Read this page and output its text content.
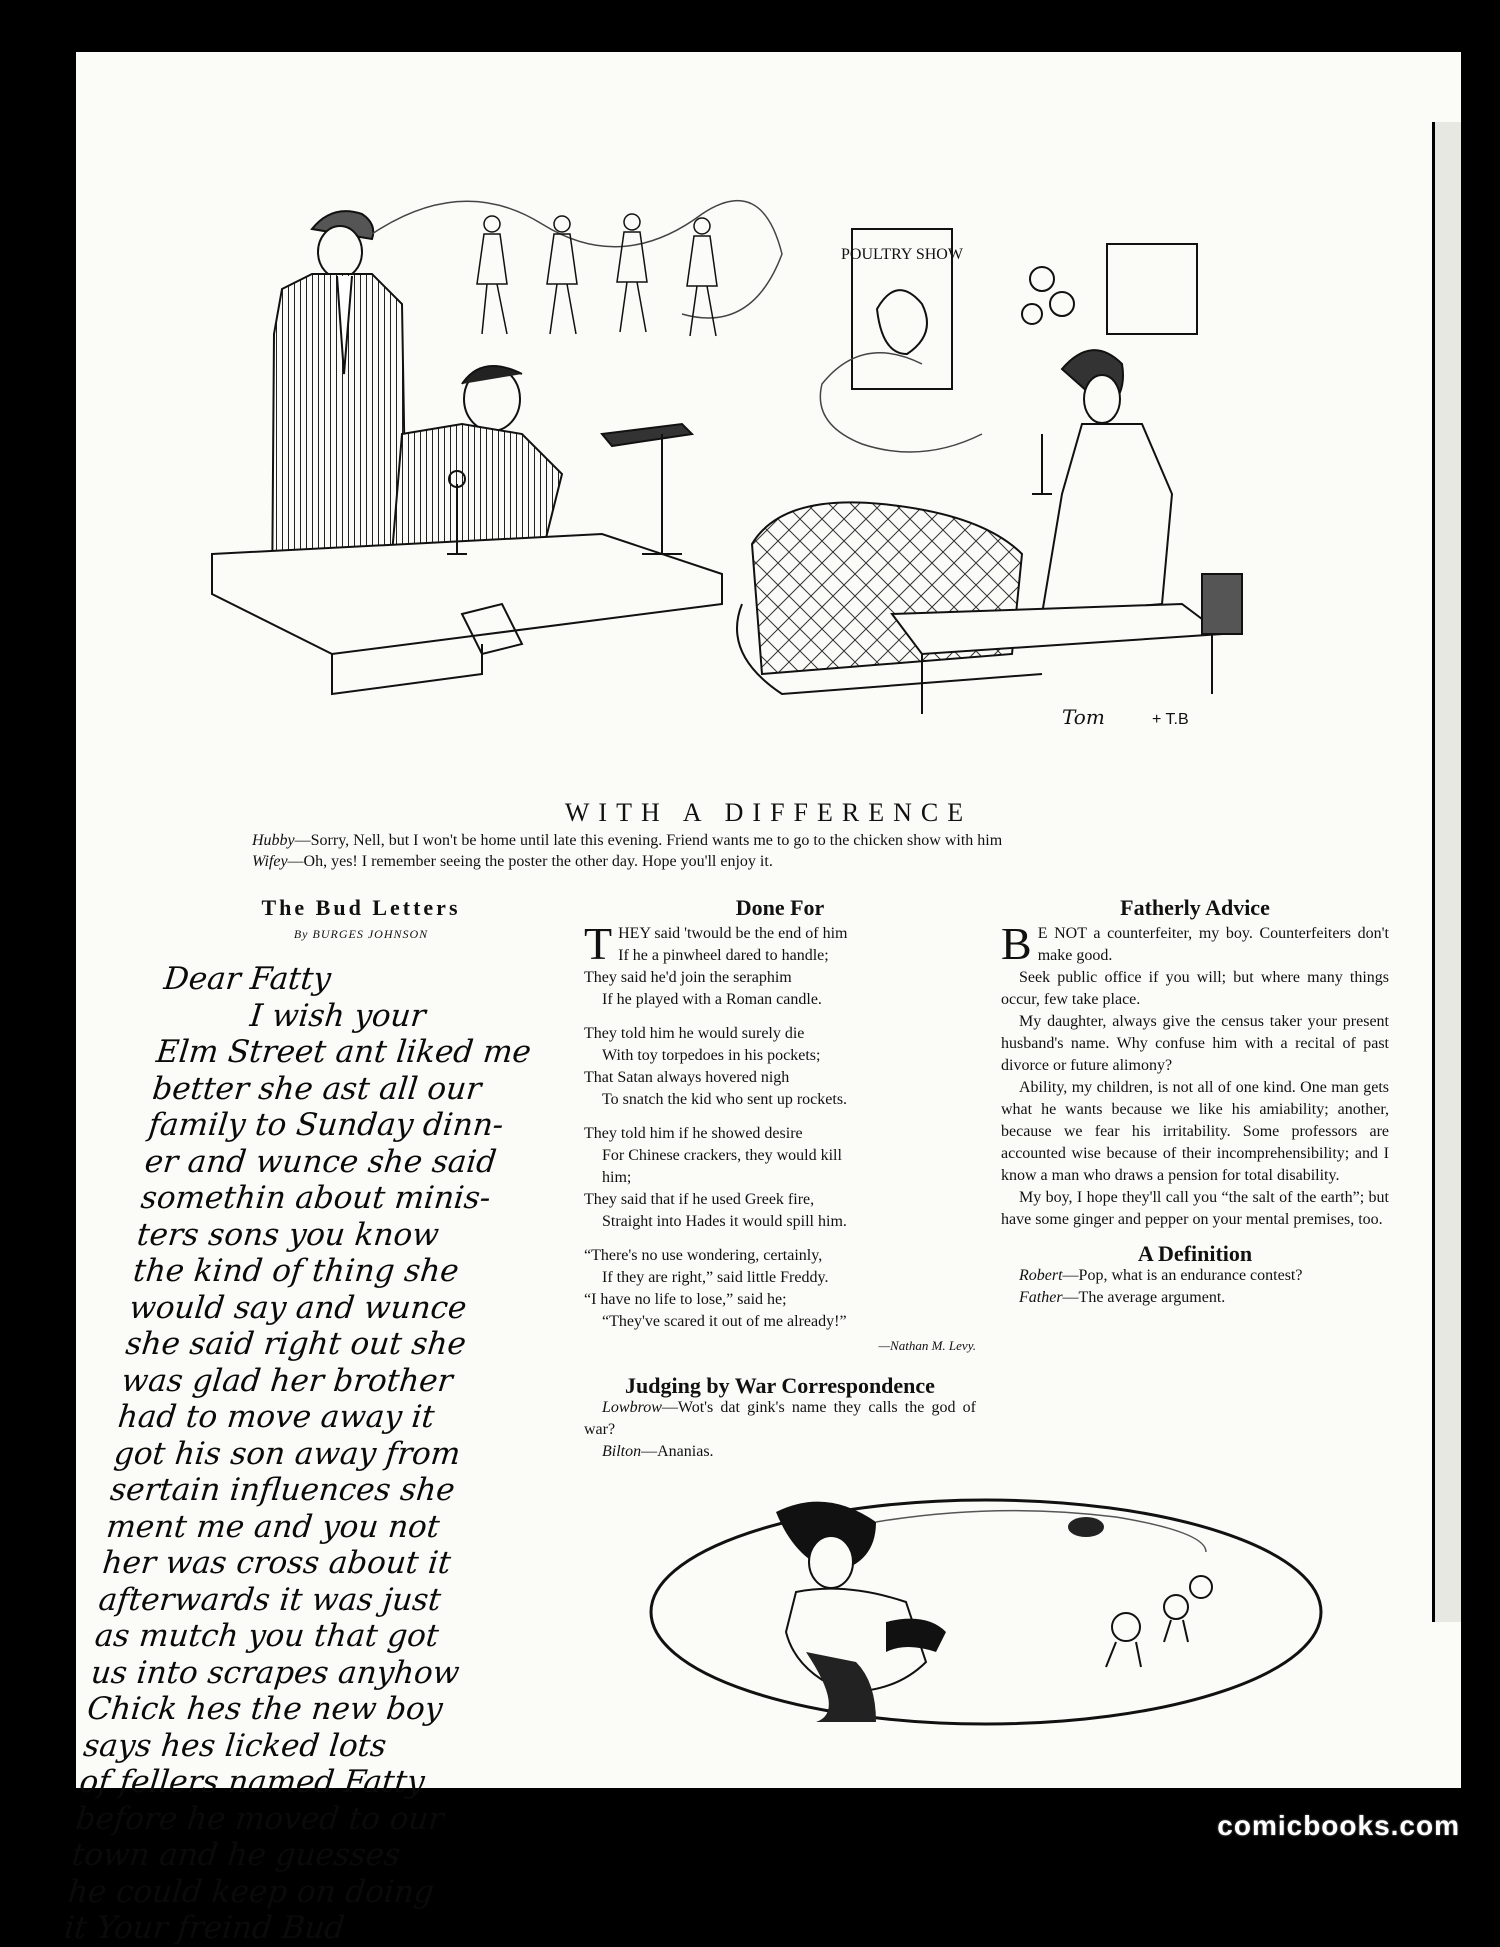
POULTRY SHOW
Tom	+ T.B
WITH A DIFFERENCE
Hubby—Sorry, Nell, but I won't be home until late this evening. Friend wants me to go to the chicken show with him
Wifey—Oh, yes! I remember seeing the poster the other day. Hope you'll enjoy it.
The Bud Letters
By BURGES JOHNSON
Dear Fatty
I wish your
Elm Street ant liked me
better she ast all our
family to Sunday dinn-
er and wunce she said
somethin about minis-
ters sons you know
the kind of thing she
would say and wunce
she said right out she
was glad her brother
had to move away it
got his son away from
sertain influences she
ment me and you not
her was cross about it
afterwards it was just
as mutch you that got
us into scrapes anyhow
Chick hes the new boy
says hes licked lots
of fellers named Fatty
before he moved to our
town and he guesses
he could keep on doing
it Your freind Bud
Done For
T HEY said 'twould be the end of him
If he a pinwheel dared to handle;
They said he'd join the seraphim
If he played with a Roman candle.
They told him he would surely die
With toy torpedoes in his pockets;
That Satan always hovered nigh
To snatch the kid who sent up rockets.
They told him if he showed desire
For Chinese crackers, they would kill
him;
They said that if he used Greek fire,
Straight into Hades it would spill him.
“There's no use wondering, certainly,
If they are right,” said little Freddy.
“I have no life to lose,” said he;
“They've scared it out of me already!”
—Nathan M. Levy.
Judging by War Correspondence

Lowbrow—Wot's dat gink's name they calls the god of war?

Bilton—Ananias.

Fatherly Advice

B E NOT a counterfeiter, my boy. Counterfeiters don't make good.

Seek public office if you will; but where many things occur, few take place.

My daughter, always give the census taker your present husband's name. Why confuse him with a recital of past divorce or future alimony?

Ability, my children, is not all of one kind. One man gets what he wants because we like his amiability; another, because we fear his irritability. Some professors are accounted wise because of their incomprehensibility; and I know a man who draws a pension for total disability.

My boy, I hope they'll call you “the salt of the earth”; but have some ginger and pepper on your mental premises, too.

A Definition

Robert—Pop, what is an endurance contest?

Father—The average argument.

comicbooks.com
